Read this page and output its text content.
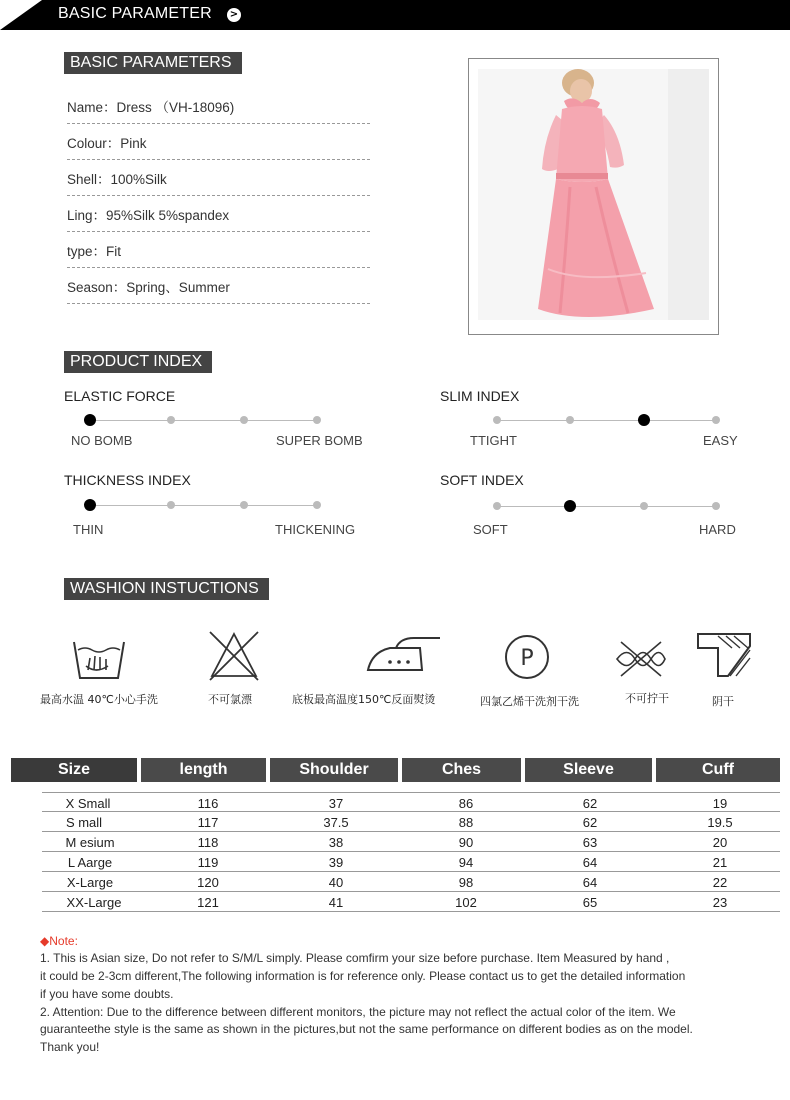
BASIC PARAMETER >
BASIC PARAMETERS
Name：Dress （VH-18096)
Colour：Pink
Shell：100%Silk
Ling：95%Silk 5%spandex
type：Fit
Season：Spring、Summer
PRODUCT INDEX
ELASTIC FORCE
NO BOMB	SUPER BOMB
SLIM INDEX
TTIGHT	EASY
THICKNESS INDEX
THIN	THICKENING
SOFT INDEX
SOFT	HARD
WASHION INSTUCTIONS
P
最高水温 40℃小心手洗	不可氯漂	底板最高温度150℃反面熨烫	四氯乙烯干洗剂干洗	不可拧干	阴干
Size	length	Shoulder	Ches	Sleeve	Cuff
X Small	116	37	86	62	19
S mall	117	37.5	88	62	19.5
M esium	118	38	90	63	20
L Aarge	119	39	94	64	21
X-Large	120	40	98	64	22
XX-Large	121	41	102	65	23
◆Note:
1. This is Asian size, Do not refer to S/M/L simply. Please comfirm your size before purchase. Item Measured by hand ,
it could be 2-3cm different,The following information is for reference only. Please contact us to get the detailed information
if you have some doubts.
2. Attention: Due to the difference between different monitors, the picture may not reflect the actual color of the item. We
guaranteethe style is the same as shown in the pictures,but not the same performance on different bodies as on the model.
Thank you!
